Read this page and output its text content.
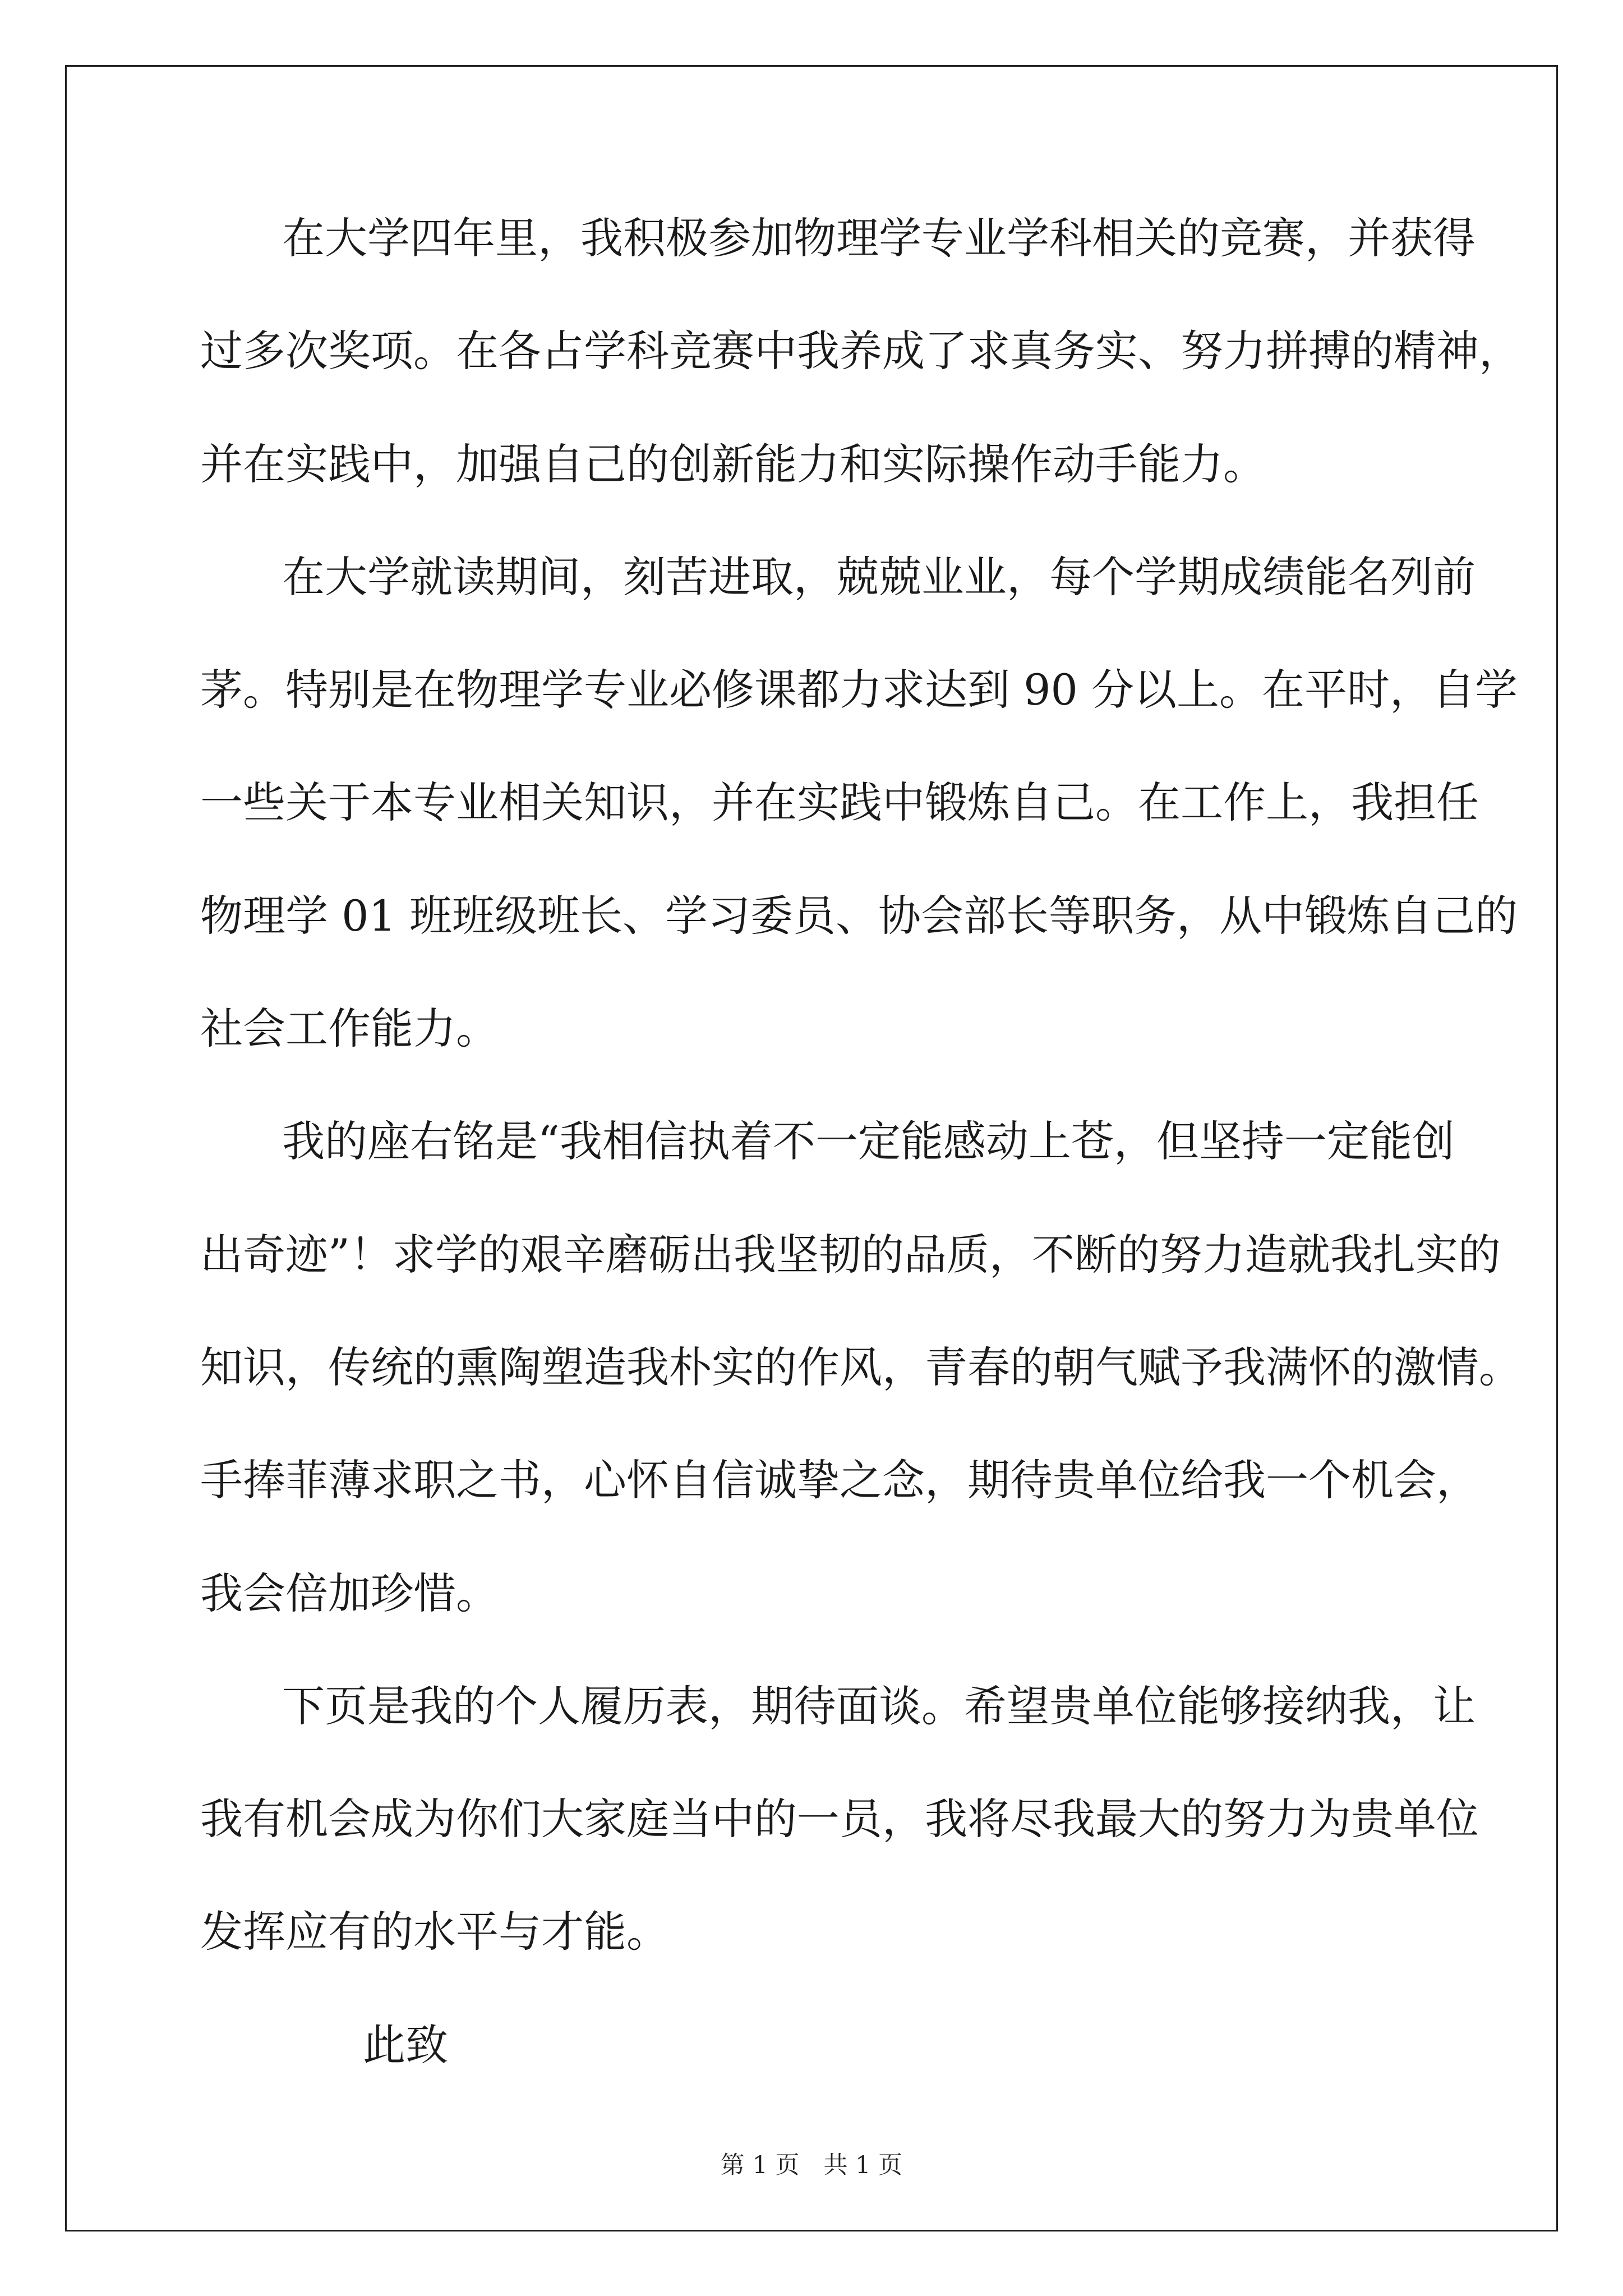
在大学四年里，我积极参加物理学专业学科相关的竞赛，并获得
过多次奖项。在各占学科竞赛中我养成了求真务实、努力拼搏的精神，
并在实践中，加强自己的创新能力和实际操作动手能力。
在大学就读期间，刻苦进取，兢兢业业，每个学期成绩能名列前
茅。特别是在物理学专业必修课都力求达到 90 分以上。在平时，自学
一些关于本专业相关知识，并在实践中锻炼自己。在工作上，我担任
物理学 01 班班级班长、学习委员、协会部长等职务，从中锻炼自己的
社会工作能力。
我的座右铭是“我相信执着不一定能感动上苍，但坚持一定能创
出奇迹”！求学的艰辛磨砺出我坚韧的品质，不断的努力造就我扎实的
知识，传统的熏陶塑造我朴实的作风，青春的朝气赋予我满怀的激情。
手捧菲薄求职之书，心怀自信诚挚之念，期待贵单位给我一个机会，
我会倍加珍惜。
下页是我的个人履历表，期待面谈。希望贵单位能够接纳我，让
我有机会成为你们大家庭当中的一员，我将尽我最大的努力为贵单位
发挥应有的水平与才能。
此致
第 1 页　共 1 页
